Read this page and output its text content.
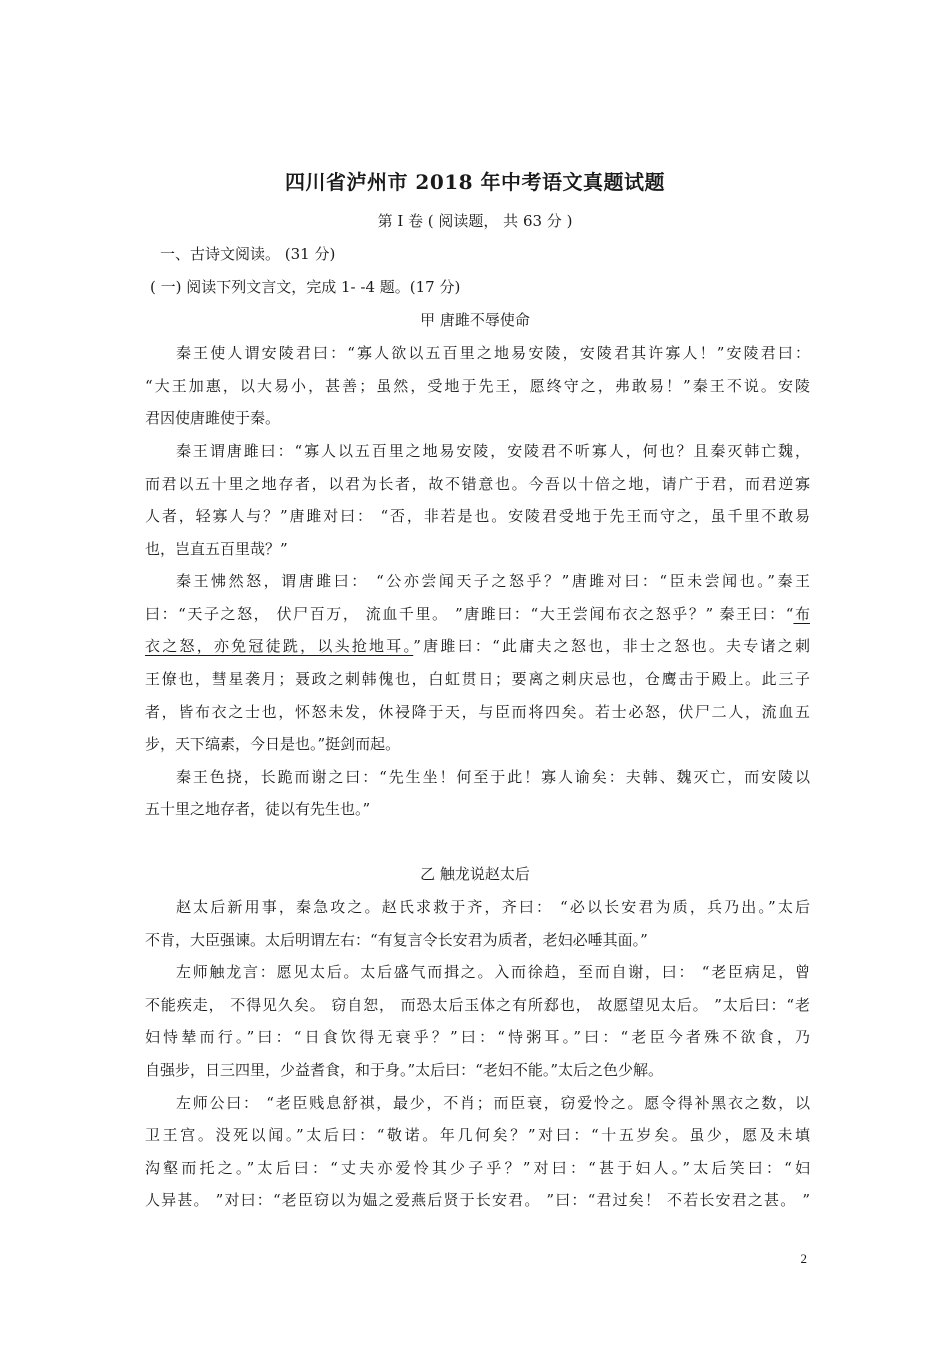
四川省泸州市 2018 年中考语文真题试题
第 I 卷 ( 阅读题， 共 63 分 )
一、古诗文阅读。 (31 分)
( 一) 阅读下列文言文，完成 1- -4 题。(17 分)
甲 唐雎不辱使命
秦王使人谓安陵君曰：“寡人欲以五百里之地易安陵，安陵君其许寡人！”安陵君曰：
“大王加惠，以大易小，甚善；虽然，受地于先王，愿终守之，弗敢易！”秦王不说。安陵
君因使唐雎使于秦。
秦王谓唐雎曰：“寡人以五百里之地易安陵，安陵君不听寡人，何也？且秦灭韩亡魏，
而君以五十里之地存者，以君为长者，故不错意也。今吾以十倍之地，请广于君，而君逆寡
人者，轻寡人与？”唐雎对曰： “否，非若是也。安陵君受地于先王而守之，虽千里不敢易
也，岂直五百里哉？”
秦王怫然怒，谓唐雎曰： “公亦尝闻天子之怒乎？”唐雎对曰：“臣未尝闻也。”秦王
曰：“天子之怒， 伏尸百万， 流血千里。 ”唐雎曰：“大王尝闻布衣之怒乎？” 秦王曰：“布
衣之怒，亦免冠徒跣，以头抢地耳。”唐雎曰：“此庸夫之怒也，非士之怒也。夫专诸之刺
王僚也，彗星袭月；聂政之刺韩傀也，白虹贯日；要离之刺庆忌也，仓鹰击于殿上。此三子
者，皆布衣之士也，怀怒未发，休祲降于天，与臣而将四矣。若士必怒，伏尸二人，流血五
步，天下缟素，今日是也。”挺剑而起。
秦王色挠，长跪而谢之曰：“先生坐！何至于此！寡人谕矣：夫韩、魏灭亡，而安陵以
五十里之地存者，徒以有先生也。”
乙 触龙说赵太后
赵太后新用事，秦急攻之。赵氏求救于齐，齐曰： “必以长安君为质，兵乃出。”太后
不肯，大臣强谏。太后明谓左右：“有复言令长安君为质者，老妇必唾其面。”
左师触龙言：愿见太后。太后盛气而揖之。入而徐趋，至而自谢，曰： “老臣病足，曾
不能疾走， 不得见久矣。 窃自恕， 而恐太后玉体之有所郄也， 故愿望见太后。 ”太后曰：“老
妇恃辇而行。”曰：“日食饮得无衰乎？”曰：“恃粥耳。”曰：“老臣今者殊不欲食，乃
自强步，日三四里，少益耆食，和于身。”太后曰：“老妇不能。”太后之色少解。
左师公曰： “老臣贱息舒祺，最少，不肖；而臣衰，窃爱怜之。愿令得补黑衣之数，以
卫王宫。没死以闻。”太后曰：“敬诺。年几何矣？”对曰：“十五岁矣。虽少，愿及未填
沟壑而托之。”太后曰：“丈夫亦爱怜其少子乎？”对曰：“甚于妇人。”太后笑曰：“妇
人异甚。 ”对曰：“老臣窃以为媪之爱燕后贤于长安君。 ”曰：“君过矣！ 不若长安君之甚。 ”
2
